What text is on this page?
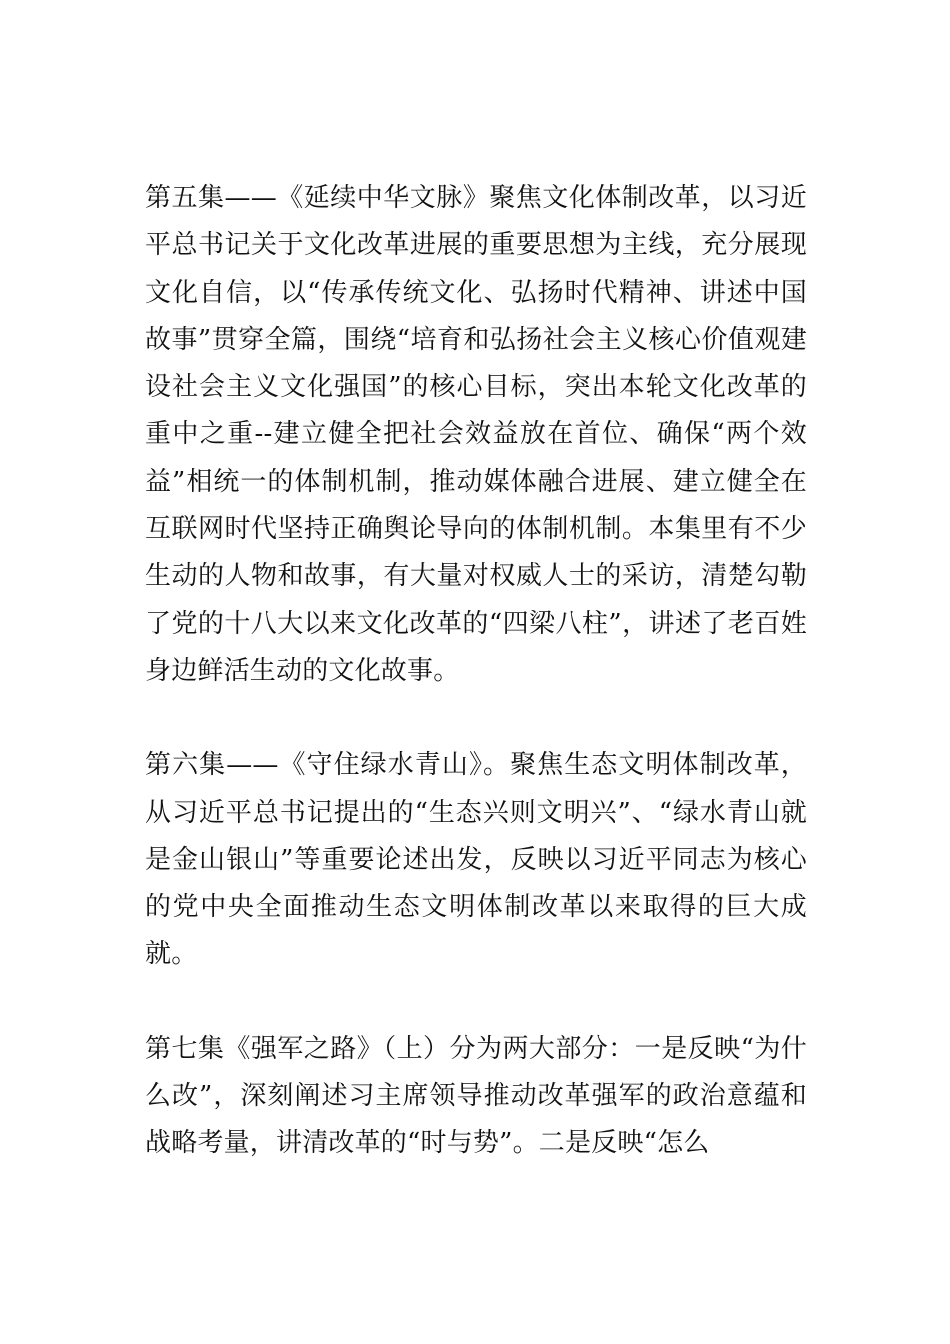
第五集——《延续中华文脉》聚焦文化体制改革，以习近平总书记关于文化改革进展的重要思想为主线，充分展现文化自信，以“传承传统文化、弘扬时代精神、讲述中国故事”贯穿全篇，围绕“培育和弘扬社会主义核心价值观建设社会主义文化强国”的核心目标，突出本轮文化改革的重中之重--建立健全把社会效益放在首位、确保“两个效益”相统一的体制机制，推动媒体融合进展、建立健全在互联网时代坚持正确舆论导向的体制机制。本集里有不少生动的人物和故事，有大量对权威人士的采访，清楚勾勒了党的十八大以来文化改革的“四梁八柱”，讲述了老百姓身边鲜活生动的文化故事。

第六集——《守住绿水青山》。聚焦生态文明体制改革，从习近平总书记提出的“生态兴则文明兴”、“绿水青山就是金山银山”等重要论述出发，反映以习近平同志为核心的党中央全面推动生态文明体制改革以来取得的巨大成就。

第七集《强军之路》（上）分为两大部分：一是反映“为什么改”，深刻阐述习主席领导推动改革强军的政治意蕴和战略考量，讲清改革的“时与势”。二是反映“怎么
